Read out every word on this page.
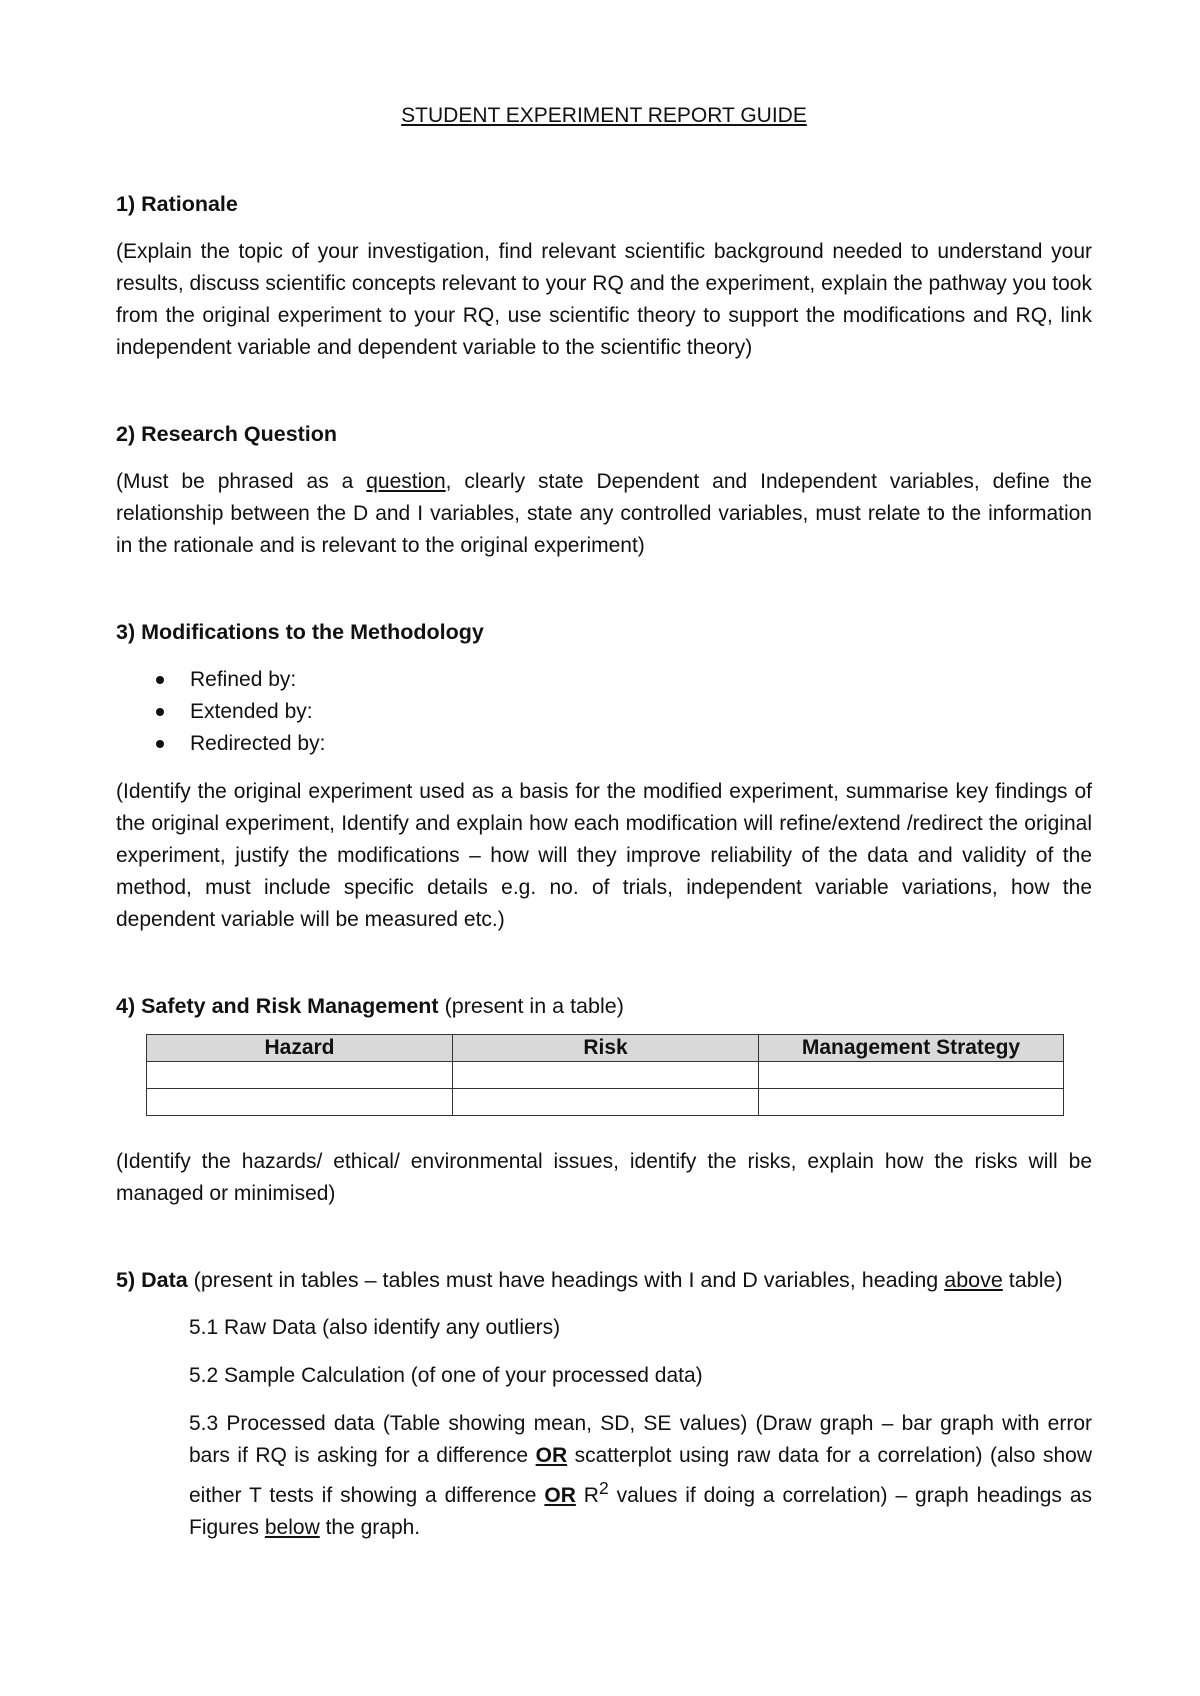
STUDENT EXPERIMENT REPORT GUIDE
1) Rationale

(Explain the topic of your investigation, find relevant scientific background needed to understand your results, discuss scientific concepts relevant to your RQ and the experiment, explain the pathway you took from the original experiment to your RQ, use scientific theory to support the modifications and RQ, link independent variable and dependent variable to the scientific theory)

2) Research Question

(Must be phrased as a question, clearly state Dependent and Independent variables, define the relationship between the D and I variables, state any controlled variables, must relate to the information in the rationale and is relevant to the original experiment)

3) Modifications to the Methodology
Refined by:
Extended by:
Redirected by:

(Identify the original experiment used as a basis for the modified experiment, summarise key findings of the original experiment, Identify and explain how each modification will refine/extend /redirect the original experiment, justify the modifications – how will they improve reliability of the data and validity of the method, must include specific details e.g. no. of trials, independent variable variations, how the dependent variable will be measured etc.)

4) Safety and Risk Management (present in a table)
Hazard	Risk	Management Strategy

(Identify the hazards/ ethical/ environmental issues, identify the risks, explain how the risks will be managed or minimised)

5) Data (present in tables – tables must have headings with I and D variables, heading above table)

5.1 Raw Data (also identify any outliers)

5.2 Sample Calculation (of one of your processed data)

5.3 Processed data (Table showing mean, SD, SE values) (Draw graph – bar graph with error bars if RQ is asking for a difference OR scatterplot using raw data for a correlation) (also show either T tests if showing a difference OR $R^2$ values if doing a correlation) – graph headings as Figures below the graph.
